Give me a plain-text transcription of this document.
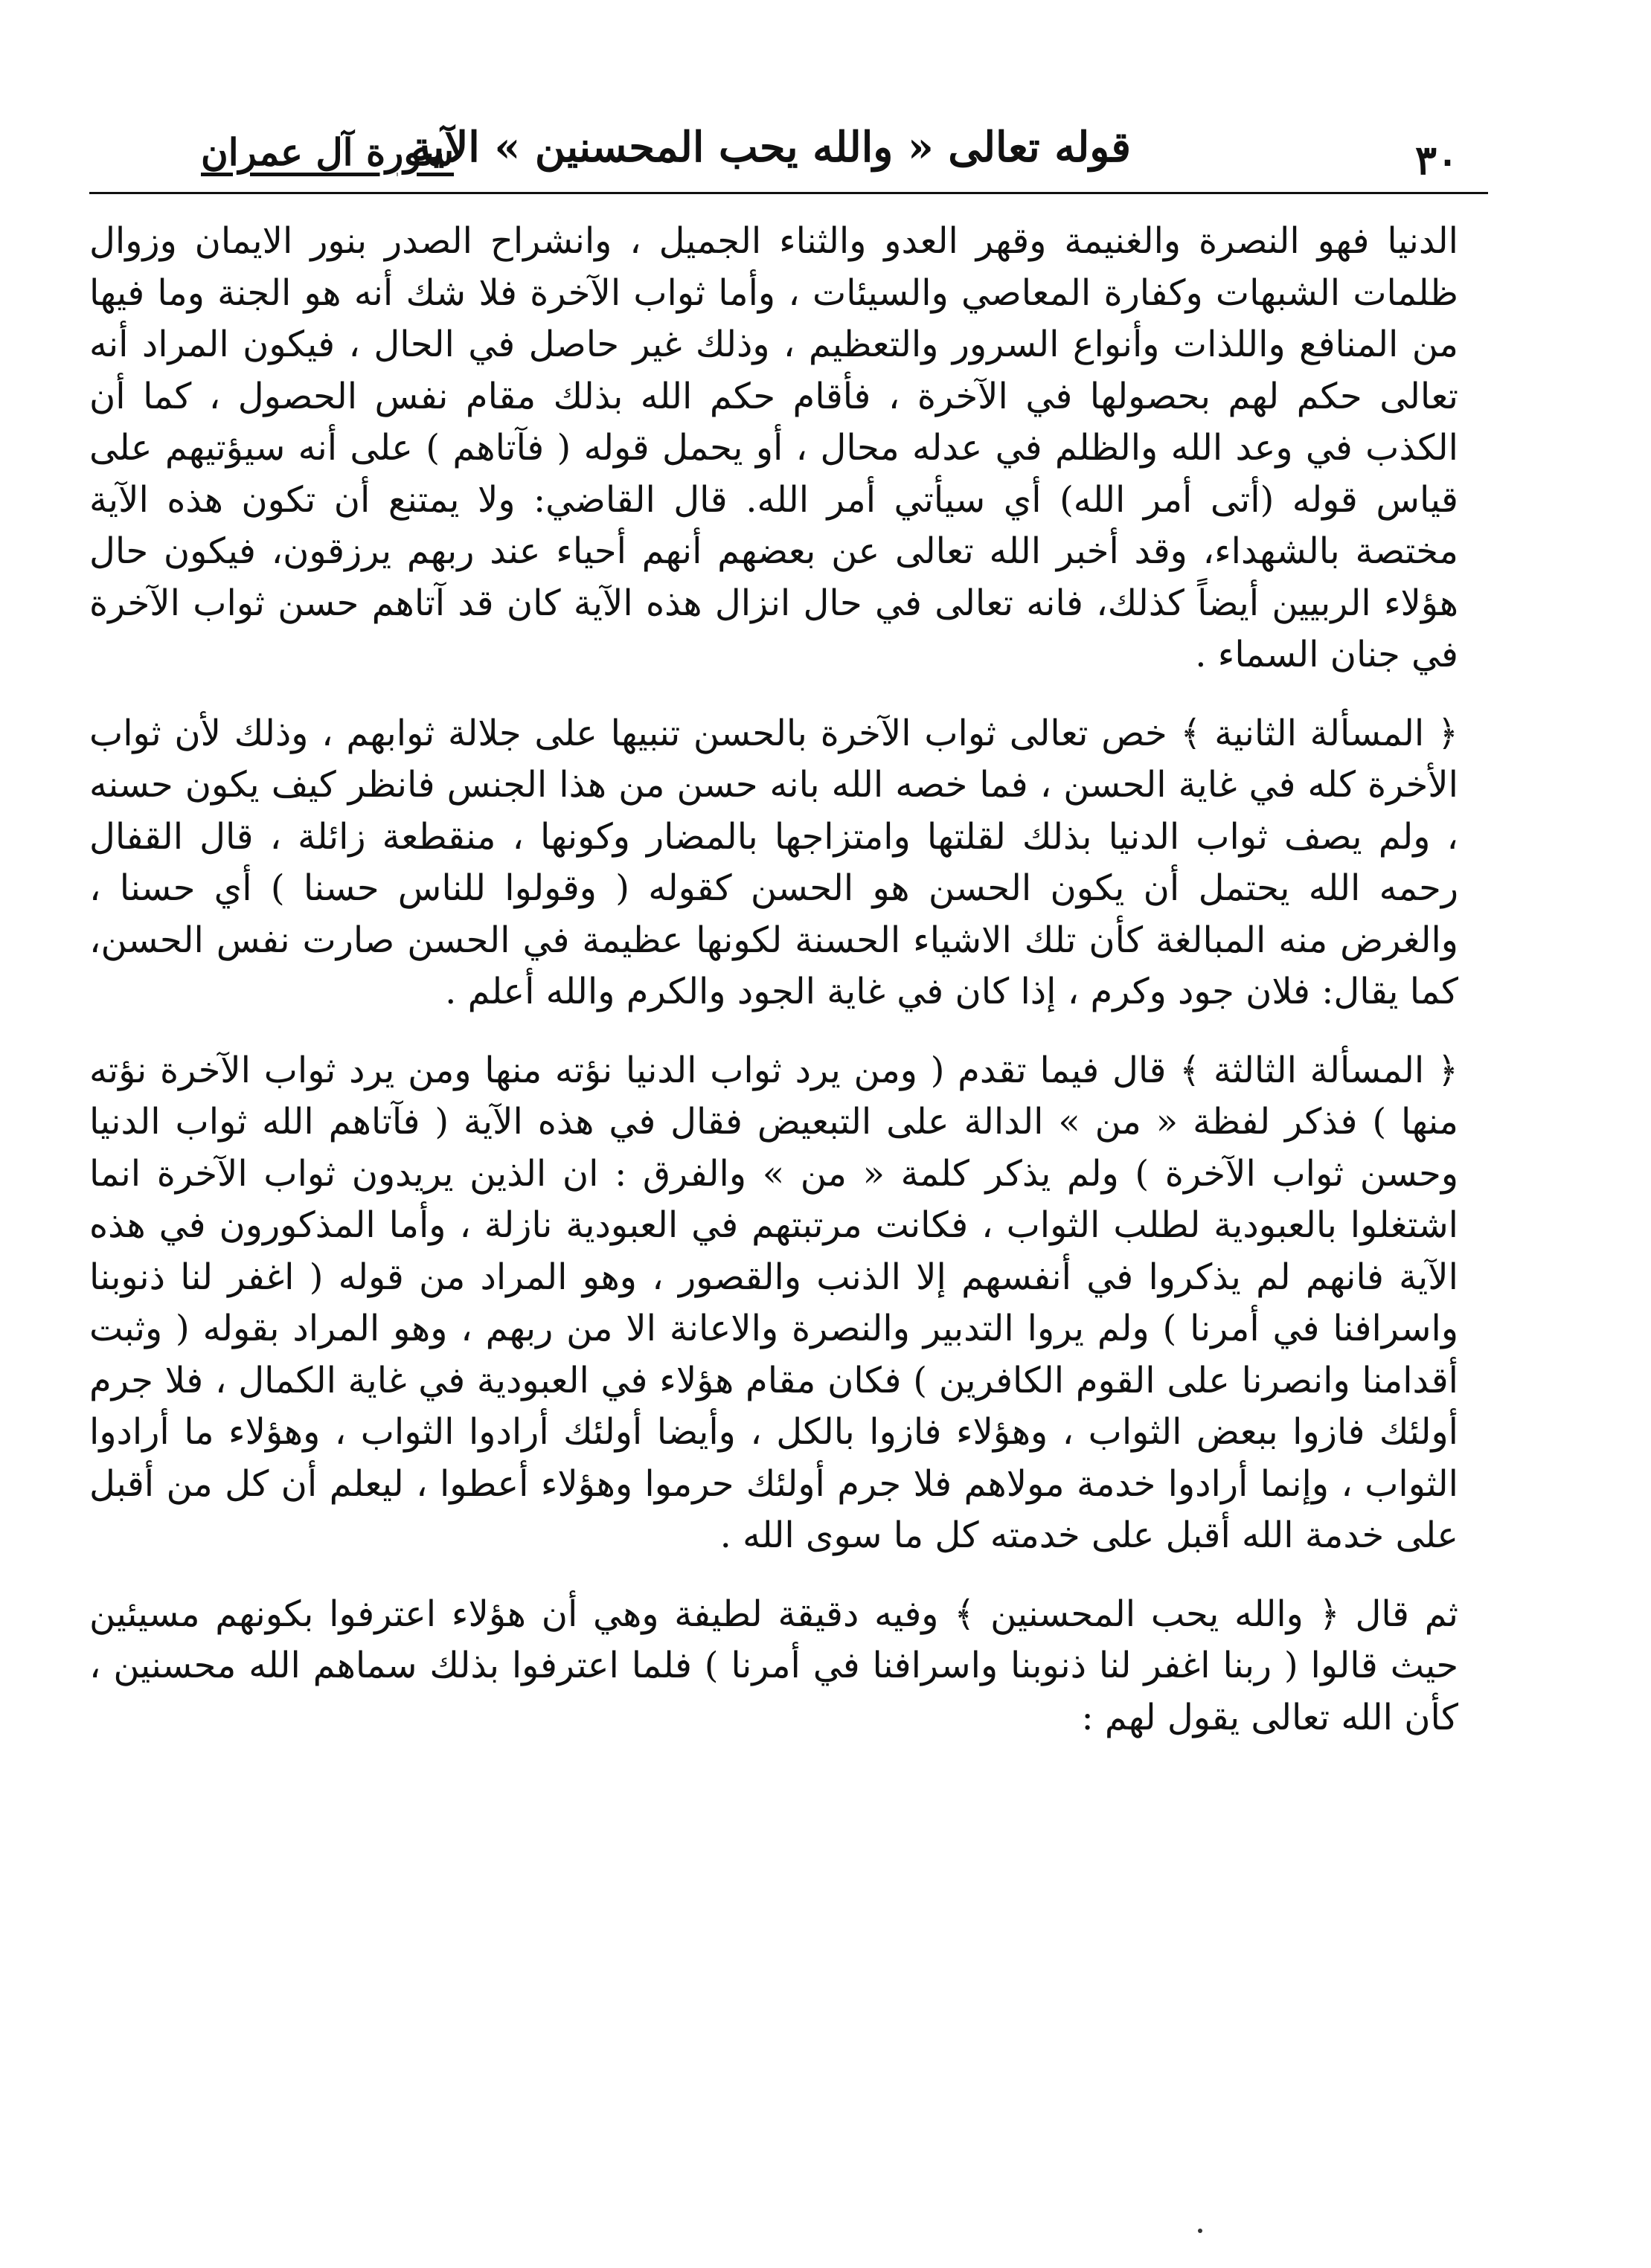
٣٠
قوله تعالى « والله يحب المحسنين » الآية
سورة آل عمران

الدنيا فهو النصرة والغنيمة وقهر العدو والثناء الجميل ، وانشراح الصدر بنور الايمان وزوال ظلمات الشبهات وكفارة المعاصي والسيئات ، وأما ثواب الآخرة فلا شك أنه هو الجنة وما فيها من المنافع واللذات وأنواع السرور والتعظيم ، وذلك غير حاصل في الحال ، فيكون المراد أنه تعالى حكم لهم بحصولها في الآخرة ، فأقام حكم الله بذلك مقام نفس الحصول ، كما أن الكذب في وعد الله والظلم في عدله محال ، أو يحمل قوله ( فآتاهم ) على أنه سيؤتيهم على قياس قوله (أتى أمر الله) أي سيأتي أمر الله. قال القاضي: ولا يمتنع أن تكون هذه الآية مختصة بالشهداء، وقد أخبر الله تعالى عن بعضهم أنهم أحياء عند ربهم يرزقون، فيكون حال هؤلاء الربيين أيضاً كذلك، فانه تعالى في حال انزال هذه الآية كان قد آتاهم حسن ثواب الآخرة في جنان السماء .

﴿ المسألة الثانية ﴾ خص تعالى ثواب الآخرة بالحسن تنبيها على جلالة ثوابهم ، وذلك لأن ثواب الأخرة كله في غاية الحسن ، فما خصه الله بانه حسن من هذا الجنس فانظر كيف يكون حسنه ، ولم يصف ثواب الدنيا بذلك لقلتها وامتزاجها بالمضار وكونها ، منقطعة زائلة ، قال القفال رحمه الله يحتمل أن يكون الحسن هو الحسن كقوله ( وقولوا للناس حسنا ) أي حسنا ، والغرض منه المبالغة كأن تلك الاشياء الحسنة لكونها عظيمة في الحسن صارت نفس الحسن، كما يقال: فلان جود وكرم ، إذا كان في غاية الجود والكرم والله أعلم .

﴿ المسألة الثالثة ﴾ قال فيما تقدم ( ومن يرد ثواب الدنيا نؤته منها ومن يرد ثواب الآخرة نؤته منها ) فذكر لفظة « من » الدالة على التبعيض فقال في هذه الآية ( فآتاهم الله ثواب الدنيا وحسن ثواب الآخرة ) ولم يذكر كلمة « من » والفرق : ان الذين يريدون ثواب الآخرة انما اشتغلوا بالعبودية لطلب الثواب ، فكانت مرتبتهم في العبودية نازلة ، وأما المذكورون في هذه الآية فانهم لم يذكروا في أنفسهم إلا الذنب والقصور ، وهو المراد من قوله ( اغفر لنا ذنوبنا واسرافنا في أمرنا ) ولم يروا التدبير والنصرة والاعانة الا من ربهم ، وهو المراد بقوله ( وثبت أقدامنا وانصرنا على القوم الكافرين ) فكان مقام هؤلاء في العبودية في غاية الكمال ، فلا جرم أولئك فازوا ببعض الثواب ، وهؤلاء فازوا بالكل ، وأيضا أولئك أرادوا الثواب ، وهؤلاء ما أرادوا الثواب ، وإنما أرادوا خدمة مولاهم فلا جرم أولئك حرموا وهؤلاء أعطوا ، ليعلم أن كل من أقبل على خدمة الله أقبل على خدمته كل ما سوى الله .

ثم قال ﴿ والله يحب المحسنين ﴾ وفيه دقيقة لطيفة وهي أن هؤلاء اعترفوا بكونهم مسيئين حيث قالوا ( ربنا اغفر لنا ذنوبنا واسرافنا في أمرنا ) فلما اعترفوا بذلك سماهم الله محسنين ، كأن الله تعالى يقول لهم :
